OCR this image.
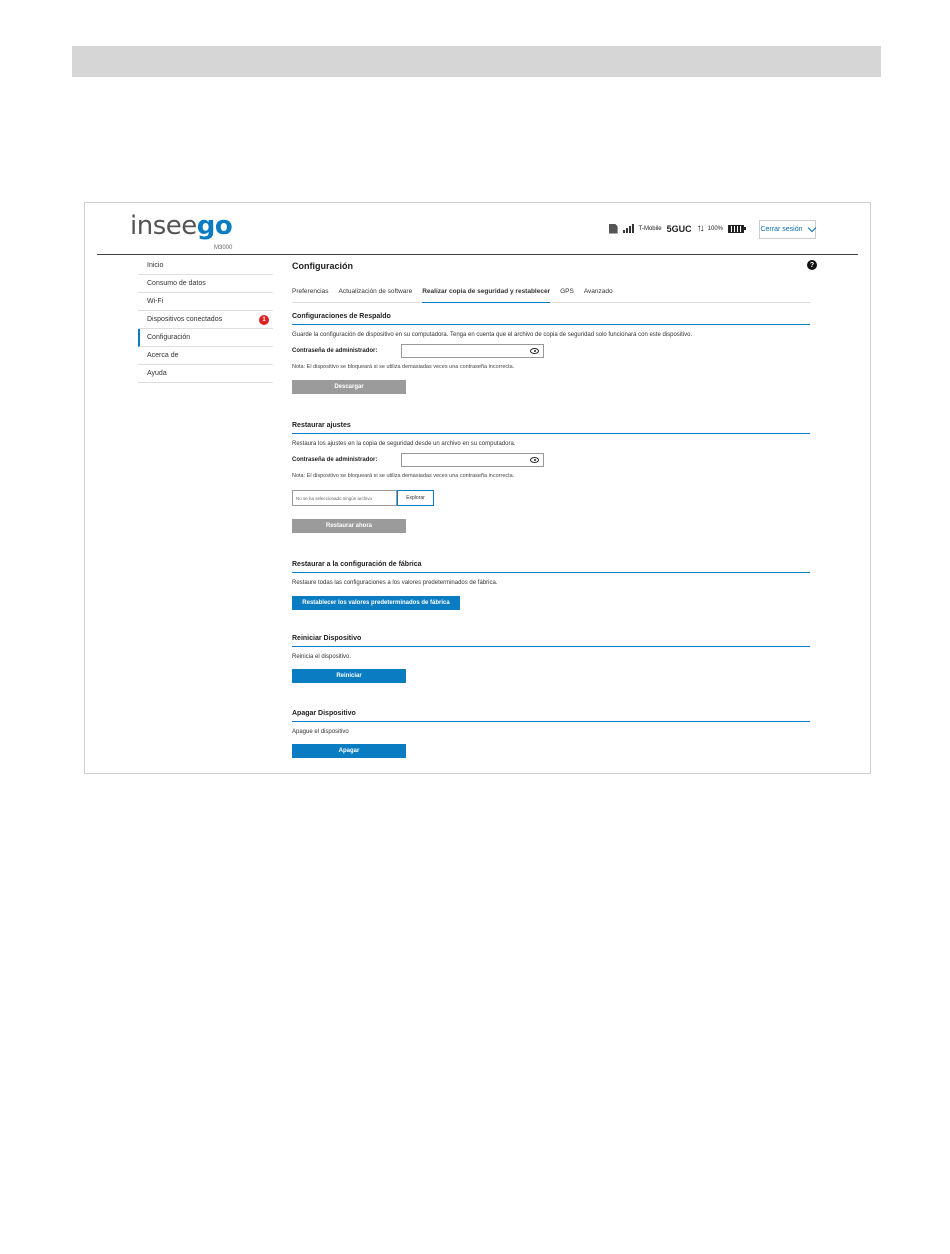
inseego
M3000
T-Mobile 5GUC ↑↓ 100%	Cerrar sesión
Inicio
Consumo de datos
Wi-Fi
Dispositivos conectados	1
Configuración
Acerca de
Ayuda
Configuración	?
Preferencias Actualización de software Realizar copia de seguridad y restablecer GPS Avanzado
Configuraciones de Respaldo
Guarde la configuración de dispositivo en su computadora. Tenga en cuenta que el archivo de copia de seguridad solo funcionará con este dispositivo.
Contraseña de administrador:
Nota: El dispositivo se bloqueará si se utiliza demasiadas veces una contraseña incorrecta.
Descargar
Restaurar ajustes
Restaura los ajustes en la copia de seguridad desde un archivo en su computadora.
Contraseña de administrador:
Nota: El dispositivo se bloqueará si se utiliza demasiadas veces una contraseña incorrecta.
No se ha seleccionado ningún archivo	Explorar
Restaurar ahora
Restaurar a la configuración de fábrica
Restaure todas las configuraciones a los valores predeterminados de fábrica.
Restablecer los valores predeterminados de fábrica
Reiniciar Dispositivo
Reinicia el dispositivo.
Reiniciar
Apagar Dispositivo
Apague el dispositivo
Apagar
